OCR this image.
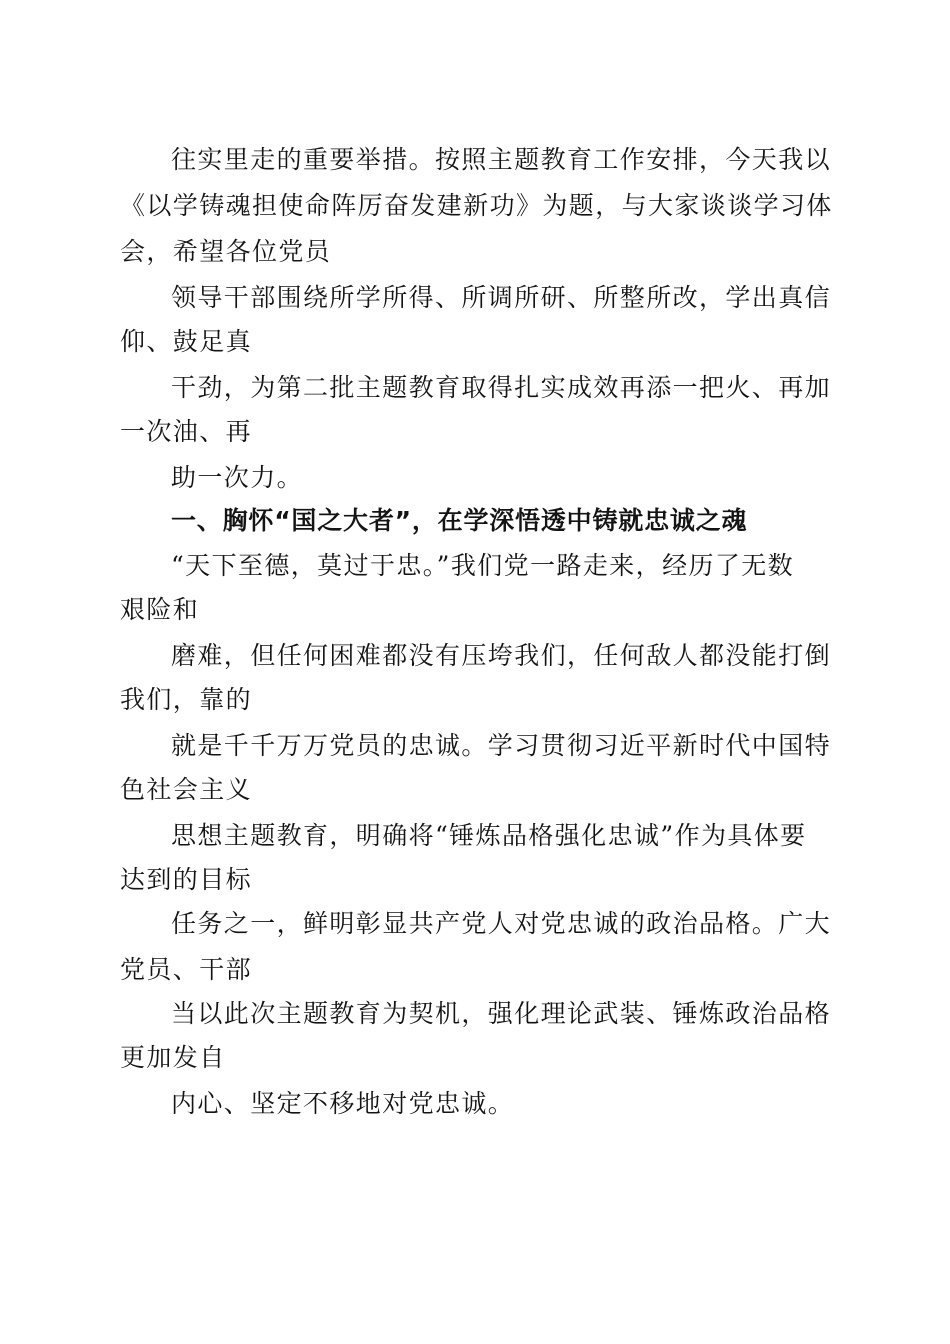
往实里走的重要举措。按照主题教育工作安排，今天我以
《以学铸魂担使命阵厉奋发建新功》为题，与大家谈谈学习体
会，希望各位党员
领导干部围绕所学所得、所调所研、所整所改，学出真信
仰、鼓足真
干劲，为第二批主题教育取得扎实成效再添一把火、再加
一次油、再
助一次力。
一、胸怀“国之大者”，在学深悟透中铸就忠诚之魂
“天下至德，莫过于忠。”我们党一路走来，经历了无数
艰险和
磨难，但任何困难都没有压垮我们，任何敌人都没能打倒
我们，靠的
就是千千万万党员的忠诚。学习贯彻习近平新时代中国特
色社会主义
思想主题教育，明确将“锤炼品格强化忠诚”作为具体要
达到的目标
任务之一，鲜明彰显共产党人对党忠诚的政治品格。广大
党员、干部
当以此次主题教育为契机，强化理论武装、锤炼政治品格
更加发自
内心、坚定不移地对党忠诚。
